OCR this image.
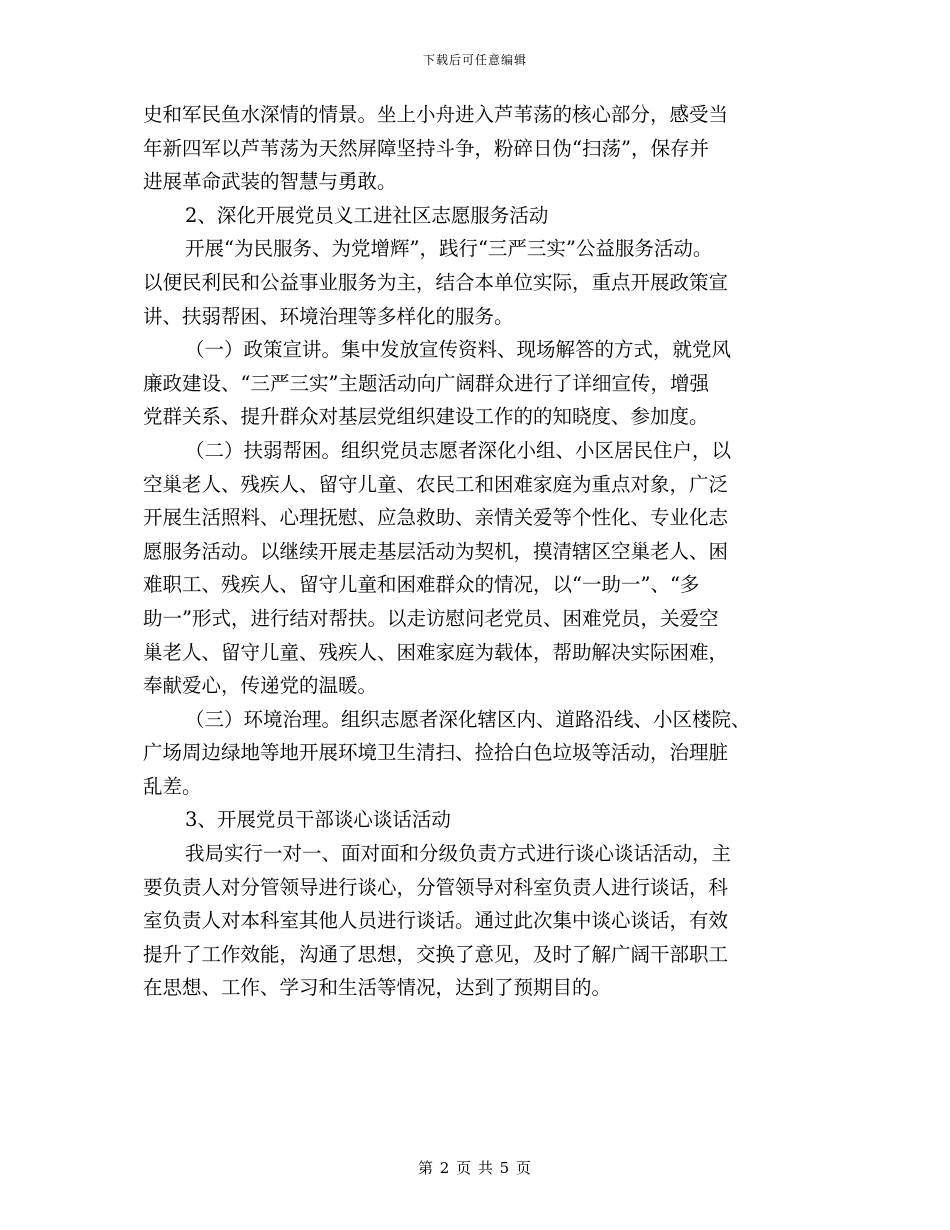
下载后可任意编辑
史和军民鱼水深情的情景。坐上小舟进入芦苇荡的核心部分，感受当
年新四军以芦苇荡为天然屏障坚持斗争，粉碎日伪“扫荡”，保存并
进展革命武装的智慧与勇敢。
2、深化开展党员义工进社区志愿服务活动
开展“为民服务、为党增辉”，践行“三严三实”公益服务活动。
以便民利民和公益事业服务为主，结合本单位实际，重点开展政策宣
讲、扶弱帮困、环境治理等多样化的服务。
（一）政策宣讲。集中发放宣传资料、现场解答的方式，就党风
廉政建设、“三严三实”主题活动向广阔群众进行了详细宣传，增强
党群关系、提升群众对基层党组织建设工作的的知晓度、参加度。
（二）扶弱帮困。组织党员志愿者深化小组、小区居民住户，以
空巢老人、残疾人、留守儿童、农民工和困难家庭为重点对象，广泛
开展生活照料、心理抚慰、应急救助、亲情关爱等个性化、专业化志
愿服务活动。以继续开展走基层活动为契机，摸清辖区空巢老人、困
难职工、残疾人、留守儿童和困难群众的情况，以“一助一”、“多
助一”形式，进行结对帮扶。以走访慰问老党员、困难党员，关爱空
巢老人、留守儿童、残疾人、困难家庭为载体，帮助解决实际困难，
奉献爱心，传递党的温暖。
（三）环境治理。组织志愿者深化辖区内、道路沿线、小区楼院、
广场周边绿地等地开展环境卫生清扫、捡拾白色垃圾等活动，治理脏
乱差。
3、开展党员干部谈心谈话活动
我局实行一对一、面对面和分级负责方式进行谈心谈话活动，主
要负责人对分管领导进行谈心，分管领导对科室负责人进行谈话，科
室负责人对本科室其他人员进行谈话。通过此次集中谈心谈话，有效
提升了工作效能，沟通了思想，交换了意见，及时了解广阔干部职工
在思想、工作、学习和生活等情况，达到了预期目的。
第 2 页 共 5 页
